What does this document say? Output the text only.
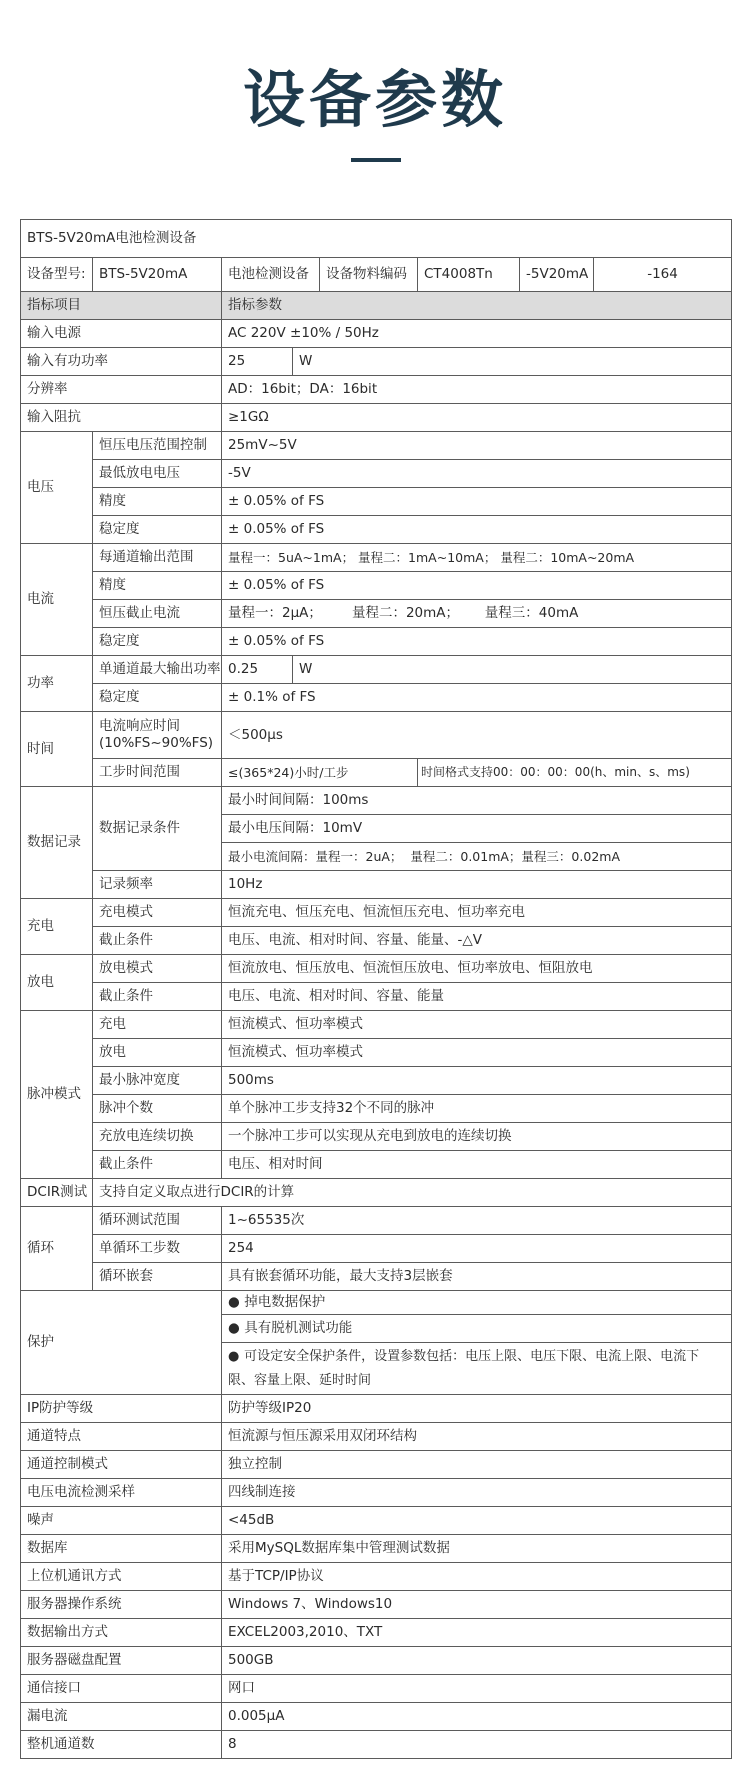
设备参数
BTS-5V20mA电池检测设备							
设备型号:	BTS-5V20mA	电池检测设备		设备物料编码	CT4008Tn	-5V20mA	-164
指标项目		指标参数					
输入电源		AC 220V ±10% / 50Hz					
输入有功功率		25	W				
分辨率		AD：16bit；DA：16bit					
输入阻抗		≥1GΩ					
电压	恒压电压范围控制	25mV~5V					
	最低放电电压	-5V					
	精度	± 0.05% of FS					
	稳定度	± 0.05% of FS					
电流	每通道输出范围	量程一：5uA~1mA； 量程二：1mA~10mA； 量程二：10mA~20mA					
	精度	± 0.05% of FS					
	恒压截止电流	量程一：2μA；       量程二：20mA；      量程三：40mA					
	稳定度	± 0.05% of FS					
功率	单通道最大输出功率	0.25	W				
	稳定度	± 0.1% of FS					
时间	电流响应时间(10%FS~90%FS)	＜500μs					
	工步时间范围	≤(365*24)小时/工步			时间格式支持00：00：00：00(h、min、s、ms)		
数据记录	数据记录条件	最小时间间隔：100ms					
		最小电压间隔：10mV					
		最小电流间隔：量程一：2uA；  量程二：0.01mA；量程三：0.02mA					
	记录频率	10Hz					
充电	充电模式	恒流充电、恒压充电、恒流恒压充电、恒功率充电					
	截止条件	电压、电流、相对时间、容量、能量、-△V					
放电	放电模式	恒流放电、恒压放电、恒流恒压放电、恒功率放电、恒阻放电					
	截止条件	电压、电流、相对时间、容量、能量					
脉冲模式	充电	恒流模式、恒功率模式					
	放电	恒流模式、恒功率模式					
	最小脉冲宽度	500ms					
	脉冲个数	单个脉冲工步支持32个不同的脉冲					
	充放电连续切换	一个脉冲工步可以实现从充电到放电的连续切换					
	截止条件	电压、相对时间					
DCIR测试	支持自定义取点进行DCIR的计算						
循环	循环测试范围	1~65535次					
	单循环工步数	254					
	循环嵌套	具有嵌套循环功能，最大支持3层嵌套					
保护		● 掉电数据保护					
		● 具有脱机测试功能					
		● 可设定安全保护条件，设置参数包括：电压上限、电压下限、电流上限、电流下限、容量上限、延时时间					
IP防护等级		防护等级IP20					
通道特点		恒流源与恒压源采用双闭环结构					
通道控制模式		独立控制					
电压电流检测采样		四线制连接					
噪声		<45dB					
数据库		采用MySQL数据库集中管理测试数据					
上位机通讯方式		基于TCP/IP协议					
服务器操作系统		Windows 7、Windows10					
数据输出方式		EXCEL2003,2010、TXT					
服务器磁盘配置		500GB					
通信接口		网口					
漏电流		0.005μA					
整机通道数		8					
